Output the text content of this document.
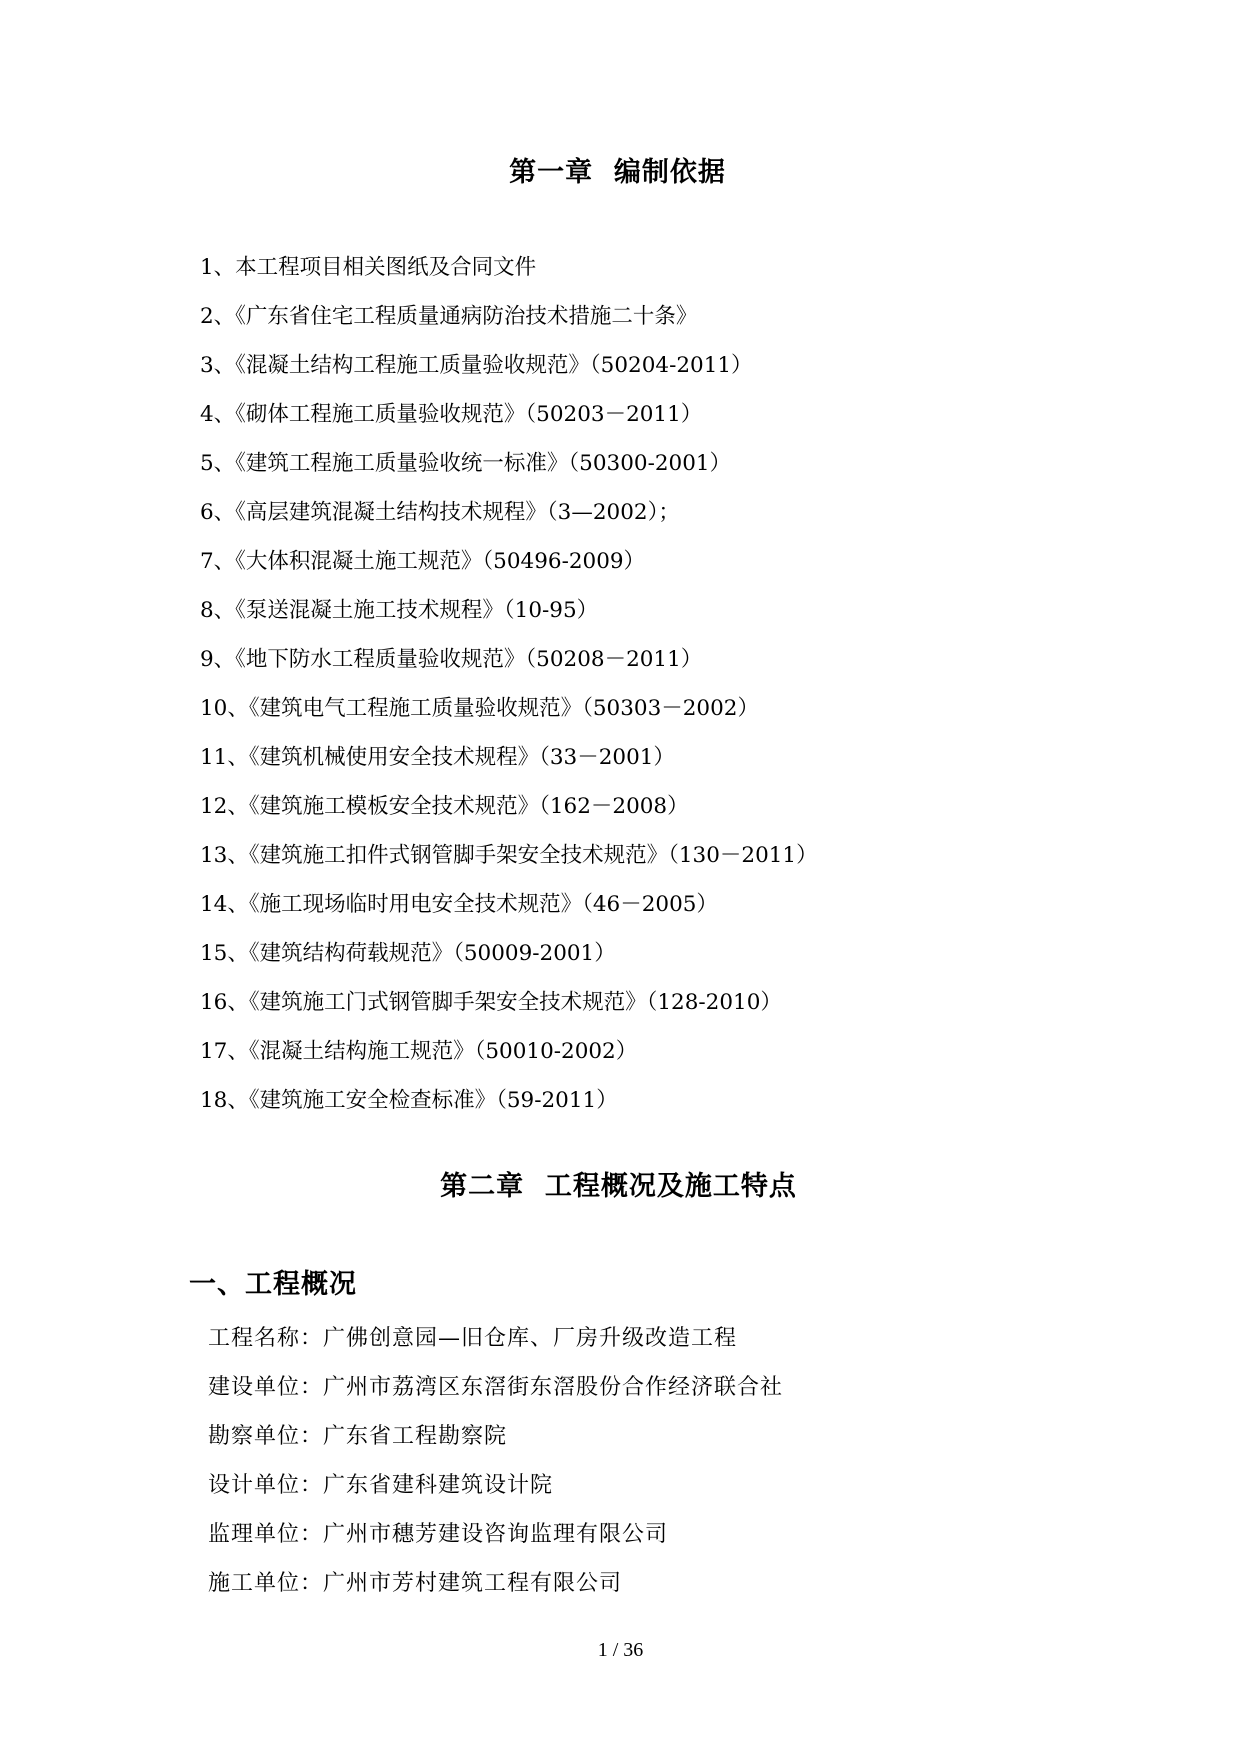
第一章  编制依据
1、本工程项目相关图纸及合同文件
2、《广东省住宅工程质量通病防治技术措施二十条》
3、《混凝土结构工程施工质量验收规范》（50204-2011）
4、《砌体工程施工质量验收规范》（50203－2011）
5、《建筑工程施工质量验收统一标准》（50300-2001）
6、《高层建筑混凝土结构技术规程》（3—2002）；
7、《大体积混凝土施工规范》（50496-2009）
8、《泵送混凝土施工技术规程》（10-95）
9、《地下防水工程质量验收规范》（50208－2011）
10、《建筑电气工程施工质量验收规范》（50303－2002）
11、《建筑机械使用安全技术规程》（33－2001）
12、《建筑施工模板安全技术规范》（162－2008）
13、《建筑施工扣件式钢管脚手架安全技术规范》（130－2011）
14、《施工现场临时用电安全技术规范》（46－2005）
15、《建筑结构荷载规范》（50009-2001）
16、《建筑施工门式钢管脚手架安全技术规范》（128-2010）
17、《混凝土结构施工规范》（50010-2002）
18、《建筑施工安全检查标准》（59-2011）
第二章  工程概况及施工特点
一、工程概况
工程名称：广佛创意园—旧仓库、厂房升级改造工程
建设单位：广州市荔湾区东滘街东滘股份合作经济联合社
勘察单位：广东省工程勘察院
设计单位：广东省建科建筑设计院
监理单位：广州市穗芳建设咨询监理有限公司
施工单位：广州市芳村建筑工程有限公司
1 / 36
